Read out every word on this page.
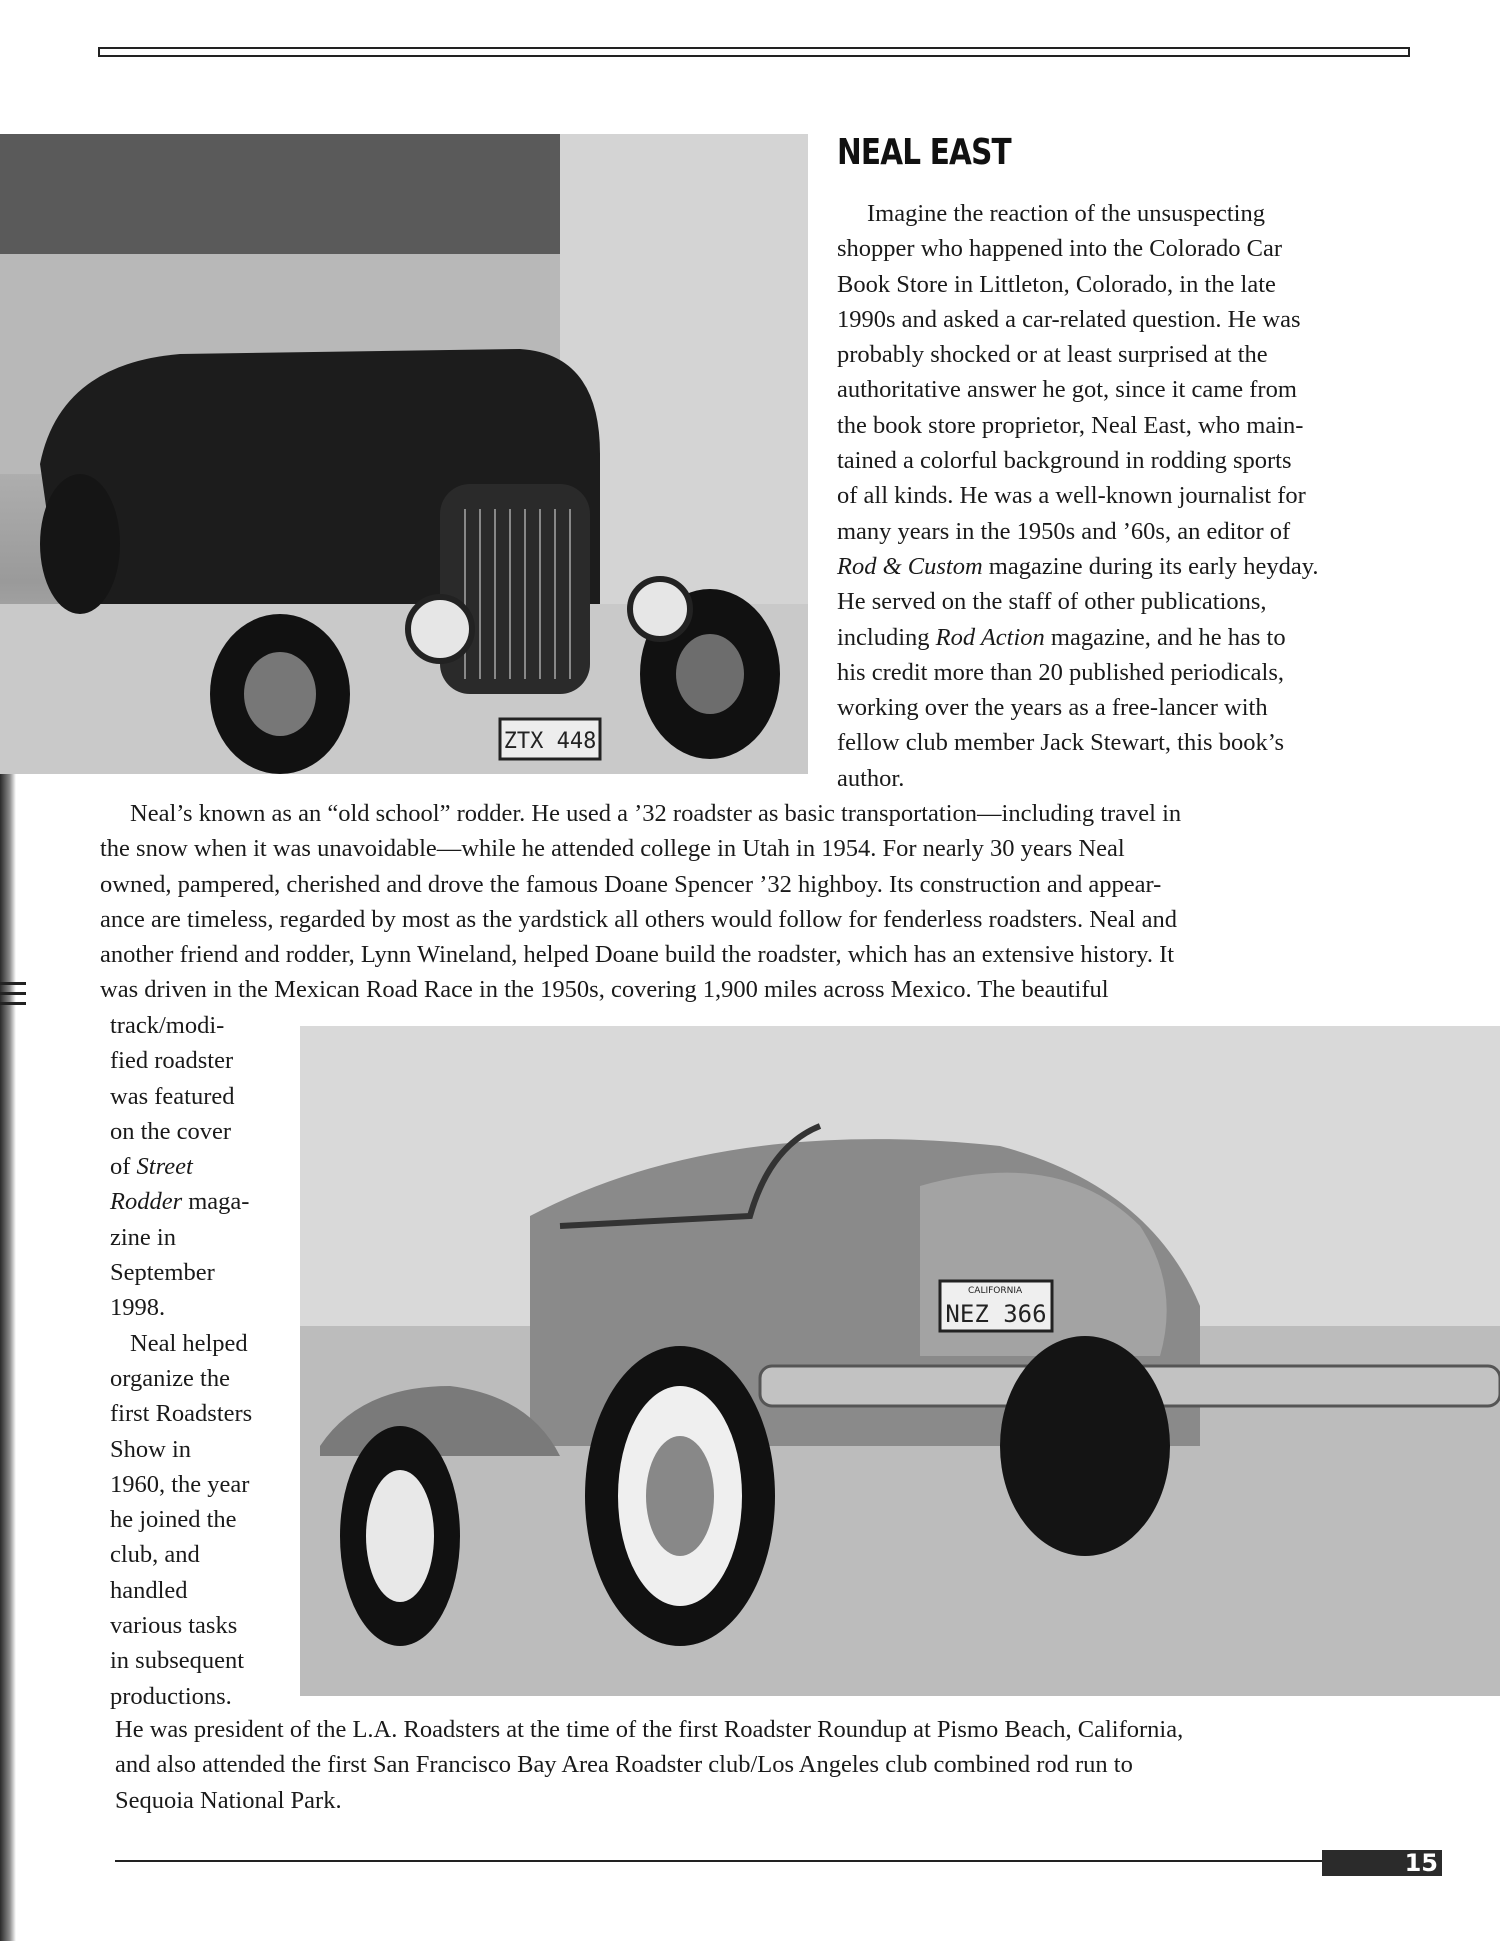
ZTX 448
NEAL EAST

Imagine the reaction of the unsuspecting

shopper who happened into the Colorado Car

Book Store in Littleton, Colorado, in the late

1990s and asked a car-related question. He was

probably shocked or at least surprised at the

authoritative answer he got, since it came from

the book store proprietor, Neal East, who main-

tained a colorful background in rodding sports

of all kinds. He was a well-known journalist for

many years in the 1950s and ’60s, an editor of

Rod & Custom magazine during its early heyday.

He served on the staff of other publications,

including Rod Action magazine, and he has to

his credit more than 20 published periodicals,

working over the years as a free-lancer with

fellow club member Jack Stewart, this book’s

author.

Neal’s known as an “old school” rodder. He used a ’32 roadster as basic transportation—including travel in

the snow when it was unavoidable—while he attended college in Utah in 1954. For nearly 30 years Neal

owned, pampered, cherished and drove the famous Doane Spencer ’32 highboy. Its construction and appear-

ance are timeless, regarded by most as the yardstick all others would follow for fenderless roadsters. Neal and

another friend and rodder, Lynn Wineland, helped Doane build the roadster, which has an extensive history. It

was driven in the Mexican Road Race in the 1950s, covering 1,900 miles across Mexico. The beautiful

CALIFORNIA
NEZ 366

track/modi-

fied roadster

was featured

on the cover

of Street

Rodder maga-

zine in

September

1998.

Neal helped

organize the

first Roadsters

Show in

1960, the year

he joined the

club, and

handled

various tasks

in subsequent

productions.

He was president of the L.A. Roadsters at the time of the first Roadster Roundup at Pismo Beach, California,

and also attended the first San Francisco Bay Area Roadster club/Los Angeles club combined rod run to

Sequoia National Park.

15
